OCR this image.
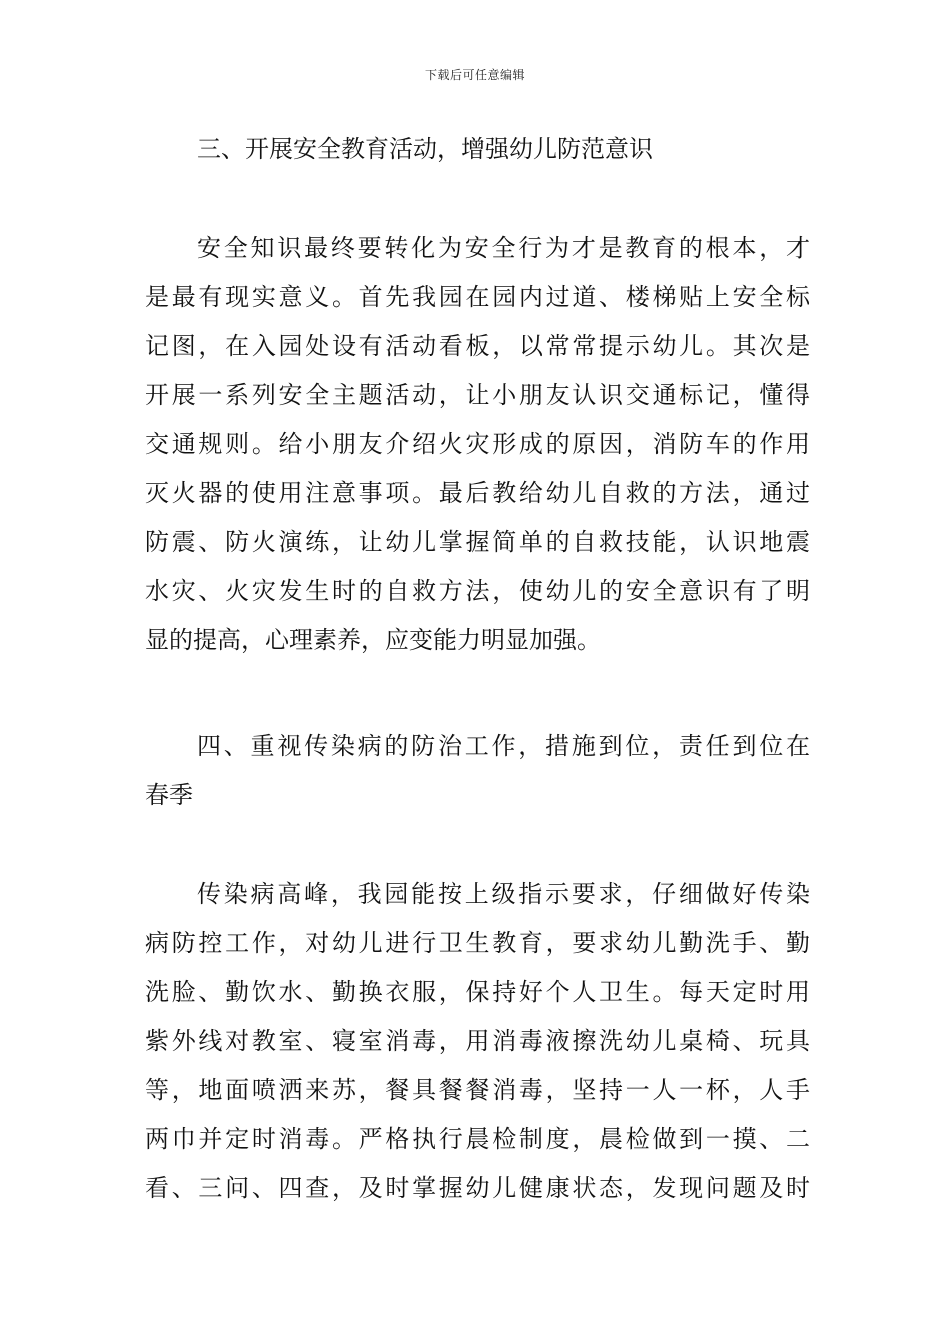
下载后可任意编辑
三、开展安全教育活动，增强幼儿防范意识
安全知识最终要转化为安全行为才是教育的根本，才
是最有现实意义。首先我园在园内过道、楼梯贴上安全标
记图，在入园处设有活动看板，以常常提示幼儿。其次是
开展一系列安全主题活动，让小朋友认识交通标记，懂得
交通规则。给小朋友介绍火灾形成的原因，消防车的作用
灭火器的使用注意事项。最后教给幼儿自救的方法，通过
防震、防火演练，让幼儿掌握简单的自救技能，认识地震
水灾、火灾发生时的自救方法，使幼儿的安全意识有了明
显的提高，心理素养，应变能力明显加强。
四、重视传染病的防治工作，措施到位，责任到位在
春季
传染病高峰，我园能按上级指示要求，仔细做好传染
病防控工作，对幼儿进行卫生教育，要求幼儿勤洗手、勤
洗脸、勤饮水、勤换衣服，保持好个人卫生。每天定时用
紫外线对教室、寝室消毒，用消毒液擦洗幼儿桌椅、玩具
等，地面喷洒来苏，餐具餐餐消毒，坚持一人一杯，人手
两巾并定时消毒。严格执行晨检制度，晨检做到一摸、二
看、三问、四查，及时掌握幼儿健康状态，发现问题及时
